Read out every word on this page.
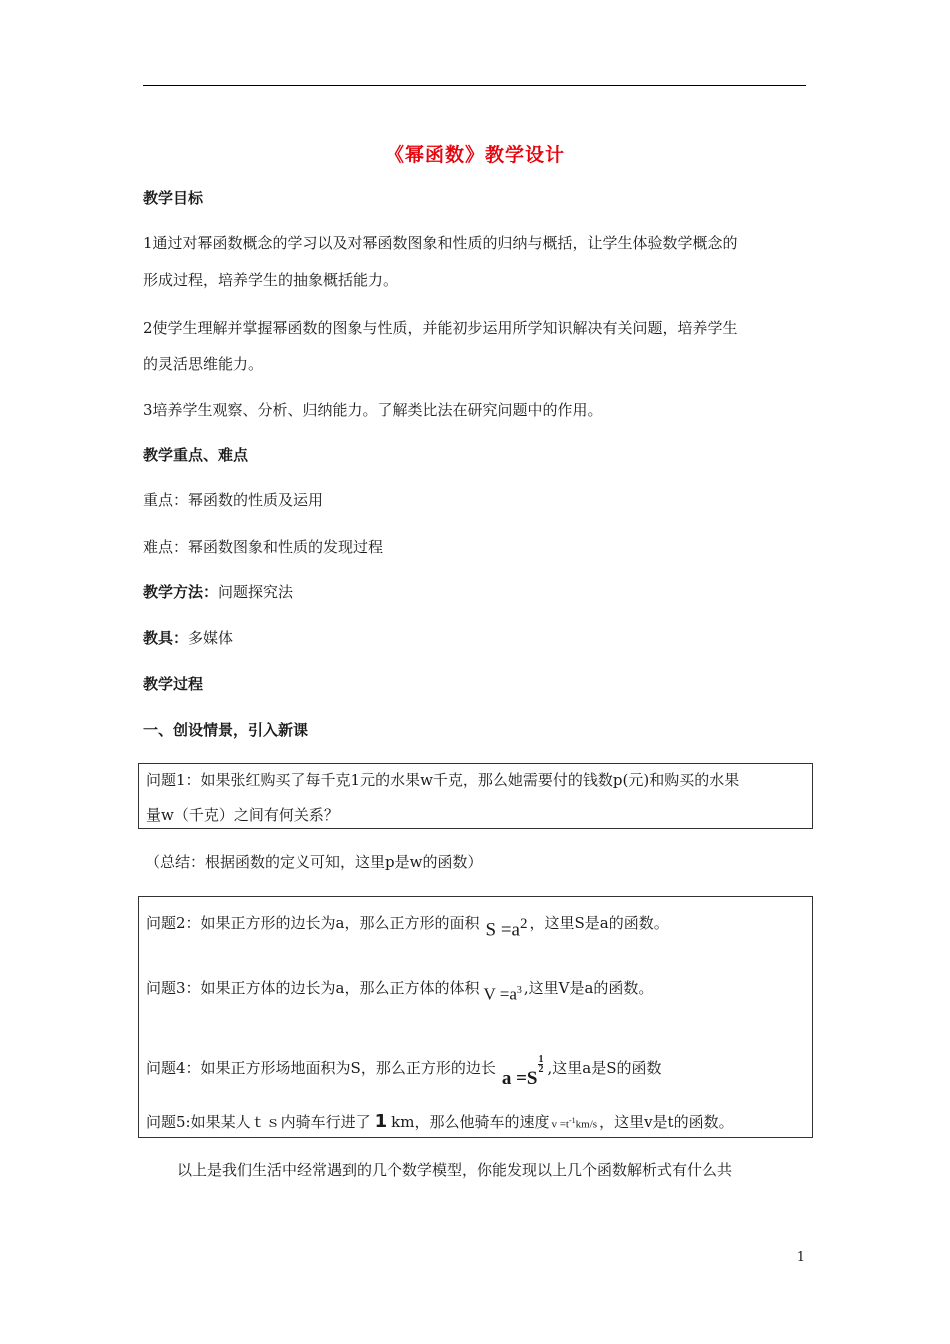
《幂函数》教学设计
教学目标
1通过对幂函数概念的学习以及对幂函数图象和性质的归纳与概括，让学生体验数学概念的
形成过程，培养学生的抽象概括能力。
2使学生理解并掌握幂函数的图象与性质，并能初步运用所学知识解决有关问题，培养学生
的灵活思维能力。
3培养学生观察、分析、归纳能力。了解类比法在研究问题中的作用。
教学重点、难点
重点：幂函数的性质及运用
难点：幂函数图象和性质的发现过程
教学方法：问题探究法
教具：多媒体
教学过程
一、创设情景，引入新课
问题1：如果张红购买了每千克1元的水果w千克，那么她需要付的钱数p(元)和购买的水果
量w（千克）之间有何关系？
（总结：根据函数的定义可知，这里p是w的函数）
问题2：如果正方形的边长为a，那么正方形的面积 $S =a^2$ ，这里S是a的函数。
问题3：如果正方体的边长为a，那么正方体的体积 $V =a^3$ ,这里V是a的函数。
问题4：如果正方形场地面积为S，那么正方形的边长 a =S
$\frac{1}{2}$ ,这里a是S的函数
问题5:如果某人ｔｓ内骑车行进了 1 km，那么他骑车的速度 $v =t^{-1}km/s$ ，这里v是t的函数。
以上是我们生活中经常遇到的几个数学模型，你能发现以上几个函数解析式有什么共
1
